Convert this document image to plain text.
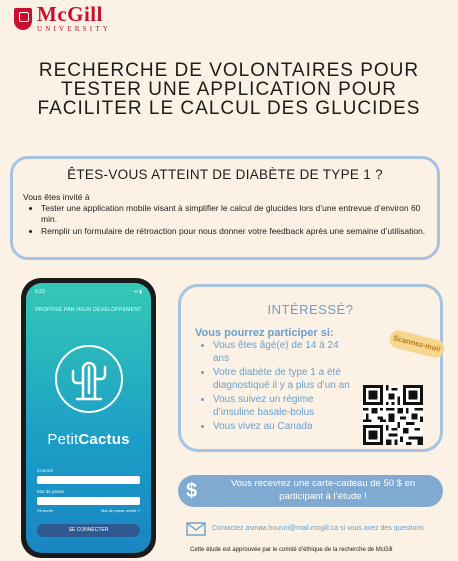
McGill
UNIVERSITY
RECHERCHE DE VOLONTAIRES POUR TESTER UNE APPLICATION POUR FACILITER LE CALCUL DES GLUCIDES
ÊTES-VOUS ATTEINT DE DIABÈTE DE TYPE 1 ?
Vous êtes invité à
• Tester une application mobile visant à simplifier le calcul de glucides lors d’une entrevue d’environ 60 min.
• Remplir un formulaire de rétroaction pour nous donner votre feedback après une semaine d’utilisation.
9:23	▪▪ ▮
PROPOSÉ PAR HIGAI DÉVELOPPEMENT
PetitCactus
Courriel
Mot de passe
S'inscrire	Mot de passe oublié ?
SE CONNECTER
INTÉRESSÉ?
Vous pourrez participer si:
• Vous êtes âgé(e) de 14 à 24 ans
• Votre diabète de type 1 a été diagnostiqué il y a plus d’un an
• Vous suivez un régime d’insuline basale-bolus
• Vous vivez au Canada
Scannez-moi!
$	Vous recevrez une carte-cadeau de 50 $ en participant à l’étude !
Contactez asmaa.housni@mail.mcgill.ca si vous avez des questions
Cette étude est approuvée par le comité d’éthique de la recherche de McGill
